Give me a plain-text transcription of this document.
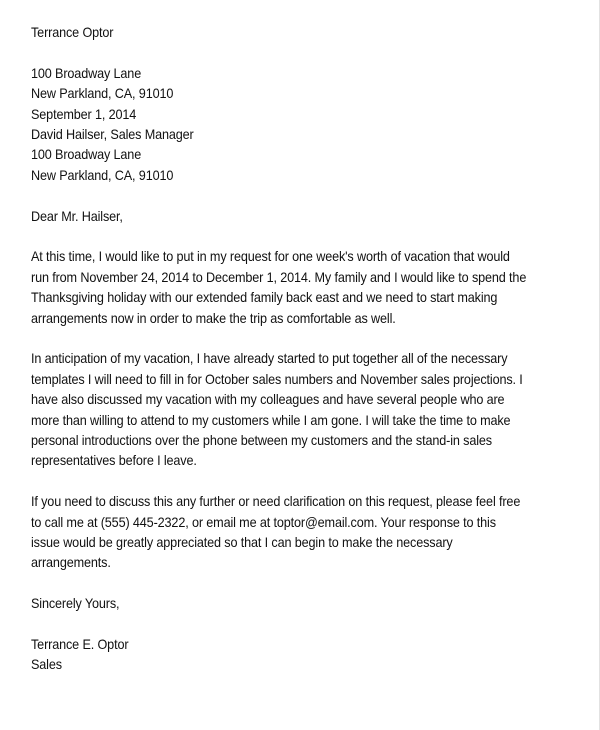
Terrance Optor
100 Broadway Lane
New Parkland, CA, 91010
September 1, 2014
David Hailser, Sales Manager
100 Broadway Lane
New Parkland, CA, 91010
Dear Mr. Hailser,
At this time, I would like to put in my request for one week's worth of vacation that would
run from November 24, 2014 to December 1, 2014. My family and I would like to spend the
Thanksgiving holiday with our extended family back east and we need to start making
arrangements now in order to make the trip as comfortable as well.
In anticipation of my vacation, I have already started to put together all of the necessary
templates I will need to fill in for October sales numbers and November sales projections. I
have also discussed my vacation with my colleagues and have several people who are
more than willing to attend to my customers while I am gone. I will take the time to make
personal introductions over the phone between my customers and the stand-in sales
representatives before I leave.
If you need to discuss this any further or need clarification on this request, please feel free
to call me at (555) 445-2322, or email me at toptor@email.com. Your response to this
issue would be greatly appreciated so that I can begin to make the necessary
arrangements.
Sincerely Yours,
Terrance E. Optor
Sales
